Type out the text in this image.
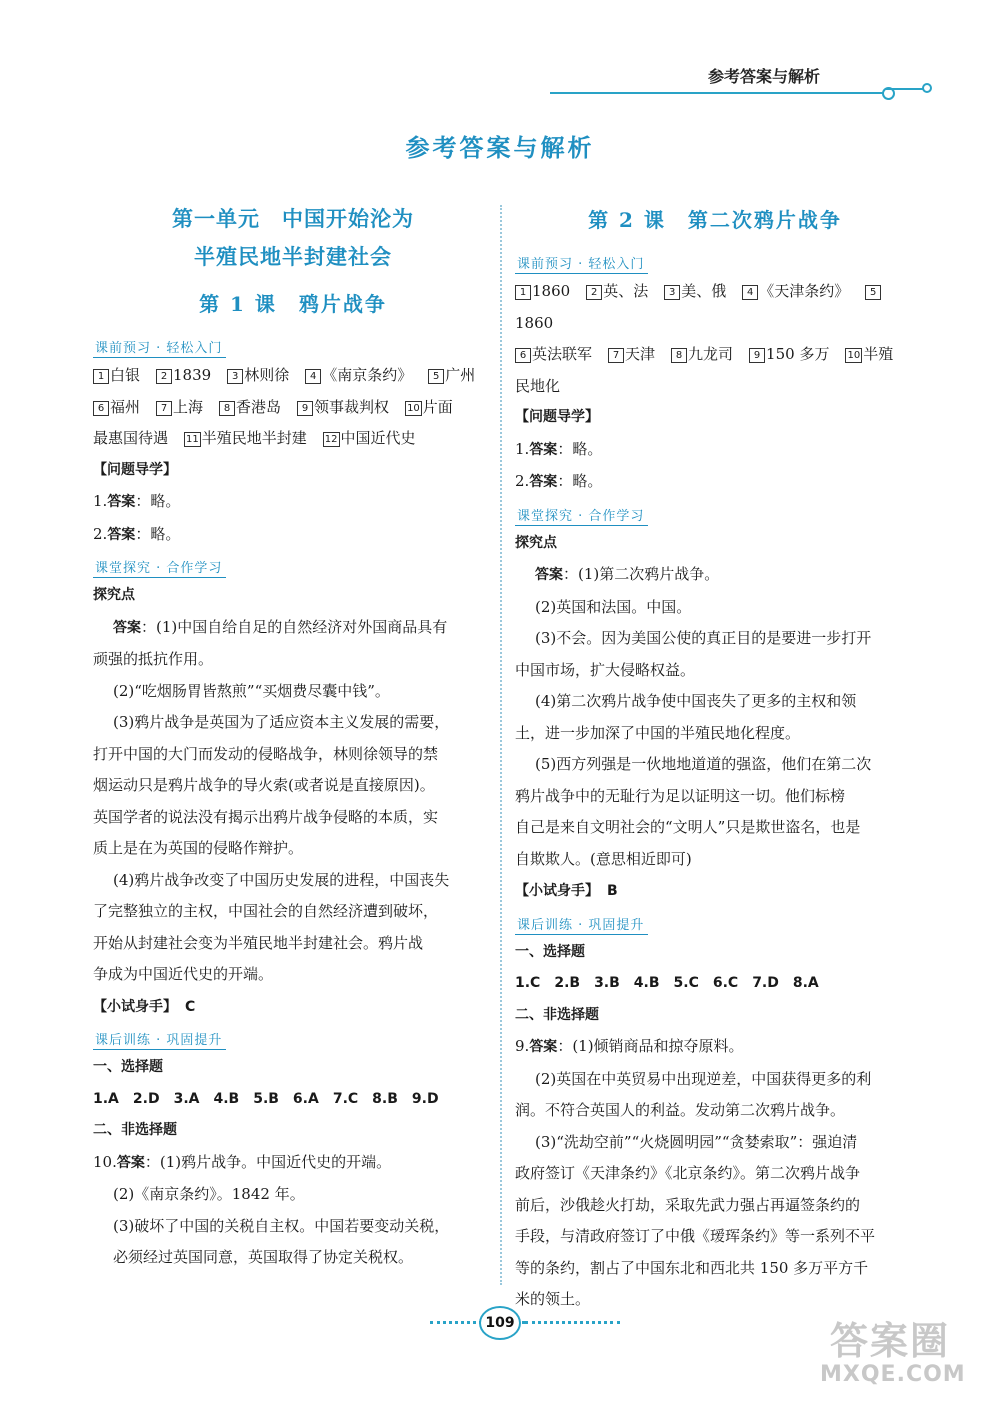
参考答案与解析
参考答案与解析
第一单元　中国开始沦为
半殖民地半封建社会
第 1 课　鸦片战争
课前预习 · 轻松入门
1 白银 2 1839 3 林则徐 4 《南京条约》 5 广州
6 福州 7 上海 8 香港岛 9 领事裁判权 10 片面
最惠国待遇 11 半殖民地半封建 12 中国近代史
【问题导学】
1.答案：略。
2.答案：略。
课堂探究 · 合作学习
探究点
答案：(1)中国自给自足的自然经济对外国商品具有
顽强的抵抗作用。
(2)“吃烟肠胃皆熬煎”“买烟费尽囊中钱”。
(3)鸦片战争是英国为了适应资本主义发展的需要，
打开中国的大门而发动的侵略战争，林则徐领导的禁
烟运动只是鸦片战争的导火索(或者说是直接原因)。
英国学者的说法没有揭示出鸦片战争侵略的本质，实
质上是在为英国的侵略作辩护。
(4)鸦片战争改变了中国历史发展的进程，中国丧失
了完整独立的主权，中国社会的自然经济遭到破坏，
开始从封建社会变为半殖民地半封建社会。鸦片战
争成为中国近代史的开端。
【小试身手】　 C
课后训练 · 巩固提升
一、选择题
1.A　2.D　3.A　4.B　5.B　6.A　7.C　8.B　9.D
二、非选择题
10.答案：(1)鸦片战争。中国近代史的开端。
(2)《南京条约》。1842 年。
(3)破坏了中国的关税自主权。中国若要变动关税，
必须经过英国同意，英国取得了协定关税权。
第 2 课　第二次鸦片战争
课前预习 · 轻松入门
1 1860 2 英、法 3 美、俄 4 《天津条约》 51860
6 英法联军 7 天津 8 九龙司 9 150 多万 10 半殖
民地化
【问题导学】
1.答案：略。
2.答案：略。
课堂探究 · 合作学习
探究点
答案：(1)第二次鸦片战争。
(2)英国和法国。中国。
(3)不会。因为美国公使的真正目的是要进一步打开
中国市场，扩大侵略权益。
(4)第二次鸦片战争使中国丧失了更多的主权和领
土，进一步加深了中国的半殖民地化程度。
(5)西方列强是一伙地地道道的强盗，他们在第二次
鸦片战争中的无耻行为足以证明这一切。他们标榜
自己是来自文明社会的“文明人”只是欺世盗名，也是
自欺欺人。(意思相近即可)
【小试身手】　 B
课后训练 · 巩固提升
一、选择题
1.C　2.B　3.B　4.B　5.C　6.C　7.D　8.A
二、非选择题
9.答案：(1)倾销商品和掠夺原料。
(2)英国在中英贸易中出现逆差，中国获得更多的利
润。不符合英国人的利益。发动第二次鸦片战争。
(3)“洗劫空前”“火烧圆明园”“贪婪索取”：强迫清
政府签订《天津条约》《北京条约》。第二次鸦片战争
前后，沙俄趁火打劫，采取先武力强占再逼签条约的
手段，与清政府签订了中俄《瑷珲条约》等一系列不平
等的条约，割占了中国东北和西北共 150 多万平方千
米的领土。
109	答案圈
MXQE.COM
